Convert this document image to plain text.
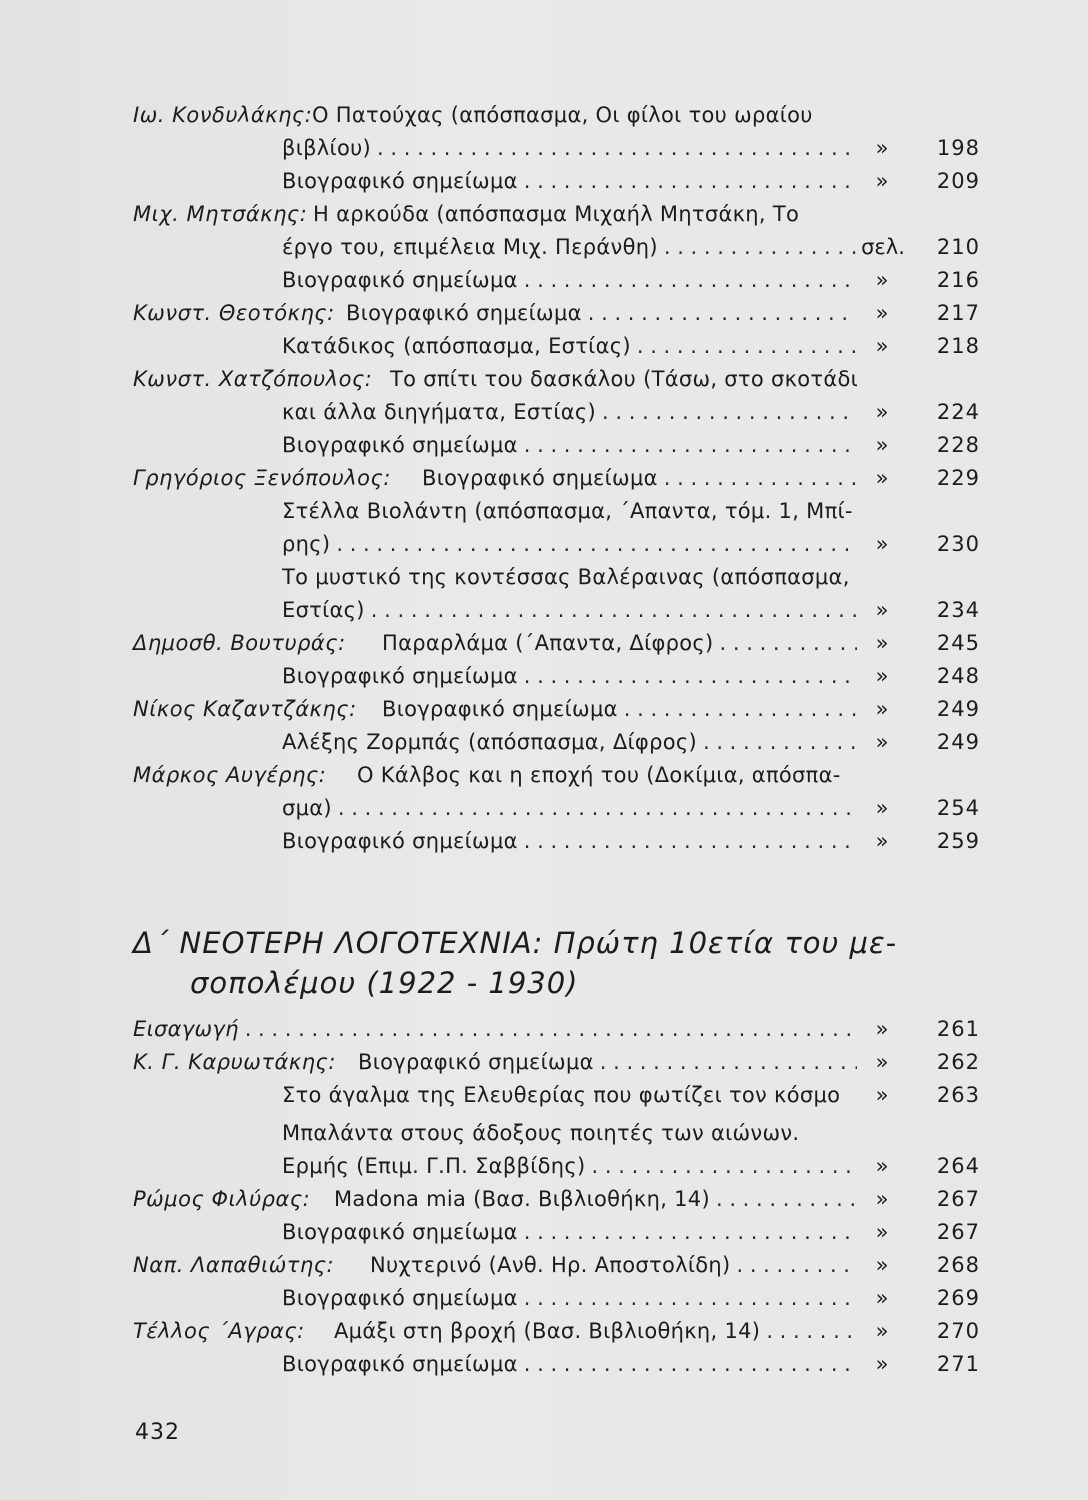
Ιω. Κονδυλάκης: Ο Πατούχας (απόσπασμα, Οι φίλοι του ωραίου
βιβλίου) . . .	»	198
Βιογραφικό σημείωμα . . .	»	209
Μιχ. Μητσάκης: Η αρκούδα (απόσπασμα Μιχαήλ Μητσάκη, Το
έργο του, επιμέλεια Μιχ. Περάνθη) . . .	σελ.	210
Βιογραφικό σημείωμα . . .	»	216
Κωνστ. Θεοτόκης: Βιογραφικό σημείωμα . . .	»	217
Κατάδικος (απόσπασμα, Εστίας) . . .	»	218
Κωνστ. Χατζόπουλος: Το σπίτι του δασκάλου (Τάσω, στο σκοτάδι
και άλλα διηγήματα, Εστίας) . . .	»	224
Βιογραφικό σημείωμα . . .	»	228
Γρηγόριος Ξενόπουλος: Βιογραφικό σημείωμα . . .	»	229
Στέλλα Βιολάντη (απόσπασμα, ΄Απαντα, τόμ. 1, Μπί-
ρης) . . .	»	230
Το μυστικό της κοντέσσας Βαλέραινας (απόσπασμα,
Εστίας) . . .	»	234
Δημοσθ. Βουτυράς: Παραρλάμα (΄Απαντα, Δίφρος) . . .	»	245
Βιογραφικό σημείωμα . . .	»	248
Νίκος Καζαντζάκης: Βιογραφικό σημείωμα . . .	»	249
Αλέξης Ζορμπάς (απόσπασμα, Δίφρος) . . .	»	249
Μάρκος Αυγέρης: Ο Κάλβος και η εποχή του (Δοκίμια, απόσπα-
σμα) . . .	»	254
Βιογραφικό σημείωμα . . .	»	259
Δ΄ ΝΕΟΤΕΡΗ ΛΟΓΟΤΕΧΝΙΑ: Πρώτη 10ετία του με-
σοπολέμου (1922 - 1930)
Εισαγωγή . . .	»	261
Κ. Γ. Καρυωτάκης: Βιογραφικό σημείωμα . . .	»	262
Στο άγαλμα της Ελευθερίας που φωτίζει τον κόσμο	»	263
Μπαλάντα στους άδοξους ποιητές των αιώνων.
Ερμής (Επιμ. Γ.Π. Σαββίδης) . . .	»	264
Ρώμος Φιλύρας: Madona mia (Βασ. Βιβλιοθήκη, 14) . . .	»	267
Βιογραφικό σημείωμα . . .	»	267
Ναπ. Λαπαθιώτης: Νυχτερινό (Ανθ. Ηρ. Αποστολίδη) . . .	»	268
Βιογραφικό σημείωμα . . .	»	269
Τέλλος ΄Αγρας: Αμάξι στη βροχή (Βασ. Βιβλιοθήκη, 14) . . .	»	270
Βιογραφικό σημείωμα . . .	»	271
432
